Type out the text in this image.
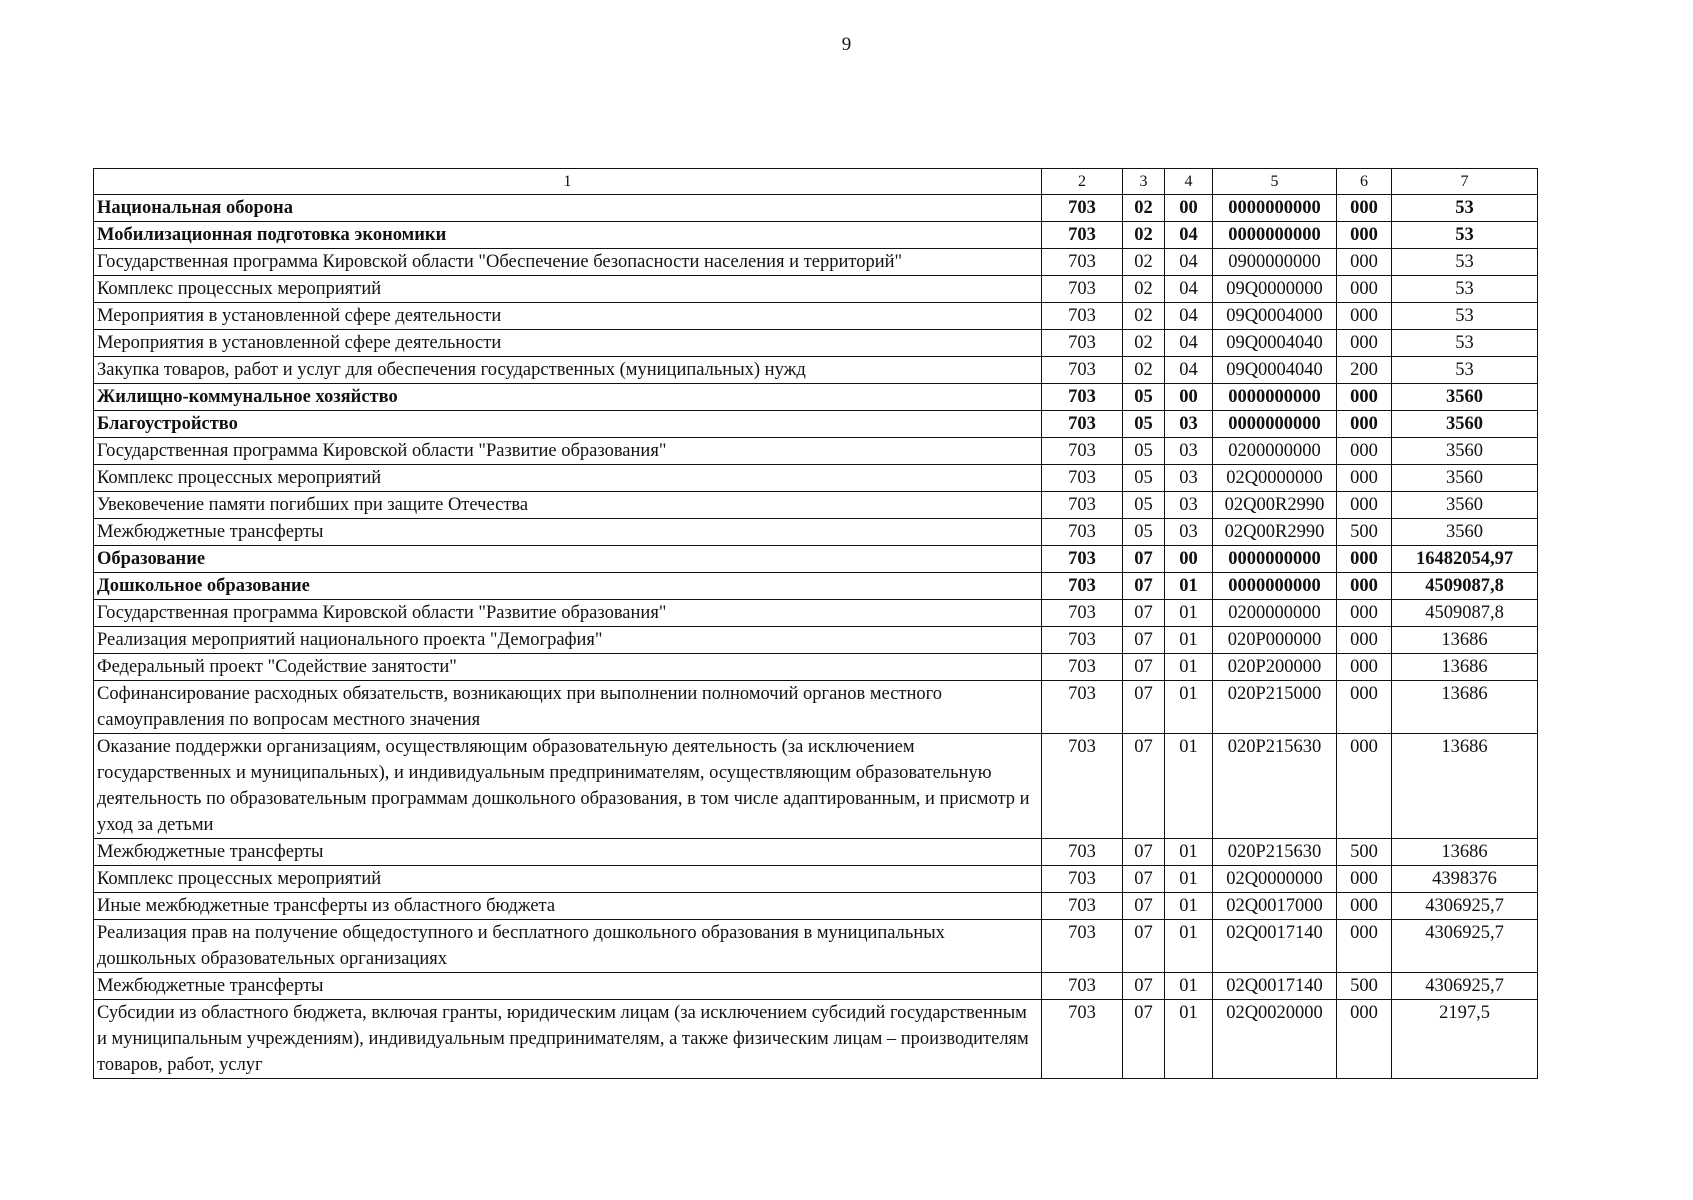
9
1	2	3	4	5	6	7
Национальная оборона	703	02	00	0000000000	000	53
Мобилизационная подготовка экономики	703	02	04	0000000000	000	53
Государственная программа Кировской области "Обеспечение безопасности населения и территорий"	703	02	04	0900000000	000	53
Комплекс процессных мероприятий	703	02	04	09Q0000000	000	53
Мероприятия в установленной сфере деятельности	703	02	04	09Q0004000	000	53
Мероприятия в установленной сфере деятельности	703	02	04	09Q0004040	000	53
Закупка товаров, работ и услуг для обеспечения государственных (муниципальных) нужд	703	02	04	09Q0004040	200	53
Жилищно-коммунальное хозяйство	703	05	00	0000000000	000	3560
Благоустройство	703	05	03	0000000000	000	3560
Государственная программа Кировской области "Развитие образования"	703	05	03	0200000000	000	3560
Комплекс процессных мероприятий	703	05	03	02Q0000000	000	3560
Увековечение памяти погибших при защите Отечества	703	05	03	02Q00R2990	000	3560
Межбюджетные трансферты	703	05	03	02Q00R2990	500	3560
Образование	703	07	00	0000000000	000	16482054,97
Дошкольное образование	703	07	01	0000000000	000	4509087,8
Государственная программа Кировской области "Развитие образования"	703	07	01	0200000000	000	4509087,8
Реализация мероприятий национального проекта "Демография"	703	07	01	020P000000	000	13686
Федеральный проект "Содействие занятости"	703	07	01	020P200000	000	13686
Софинансирование расходных обязательств, возникающих при выполнении полномочий органов местного самоуправления по вопросам местного значения	703	07	01	020P215000	000	13686
Оказание поддержки организациям, осуществляющим образовательную деятельность (за исключением государственных и муниципальных), и индивидуальным предпринимателям, осуществляющим образовательную деятельность по образовательным программам дошкольного образования, в том числе адаптированным, и присмотр и уход за детьми	703	07	01	020P215630	000	13686
Межбюджетные трансферты	703	07	01	020P215630	500	13686
Комплекс процессных мероприятий	703	07	01	02Q0000000	000	4398376
Иные межбюджетные трансферты из областного бюджета	703	07	01	02Q0017000	000	4306925,7
Реализация прав на получение общедоступного и бесплатного дошкольного образования в муниципальных дошкольных образовательных организациях	703	07	01	02Q0017140	000	4306925,7
Межбюджетные трансферты	703	07	01	02Q0017140	500	4306925,7
Субсидии из областного бюджета, включая гранты, юридическим лицам (за исключением субсидий государственным и муниципальным учреждениям), индивидуальным предпринимателям, а также физическим лицам – производителям товаров, работ, услуг	703	07	01	02Q0020000	000	2197,5
